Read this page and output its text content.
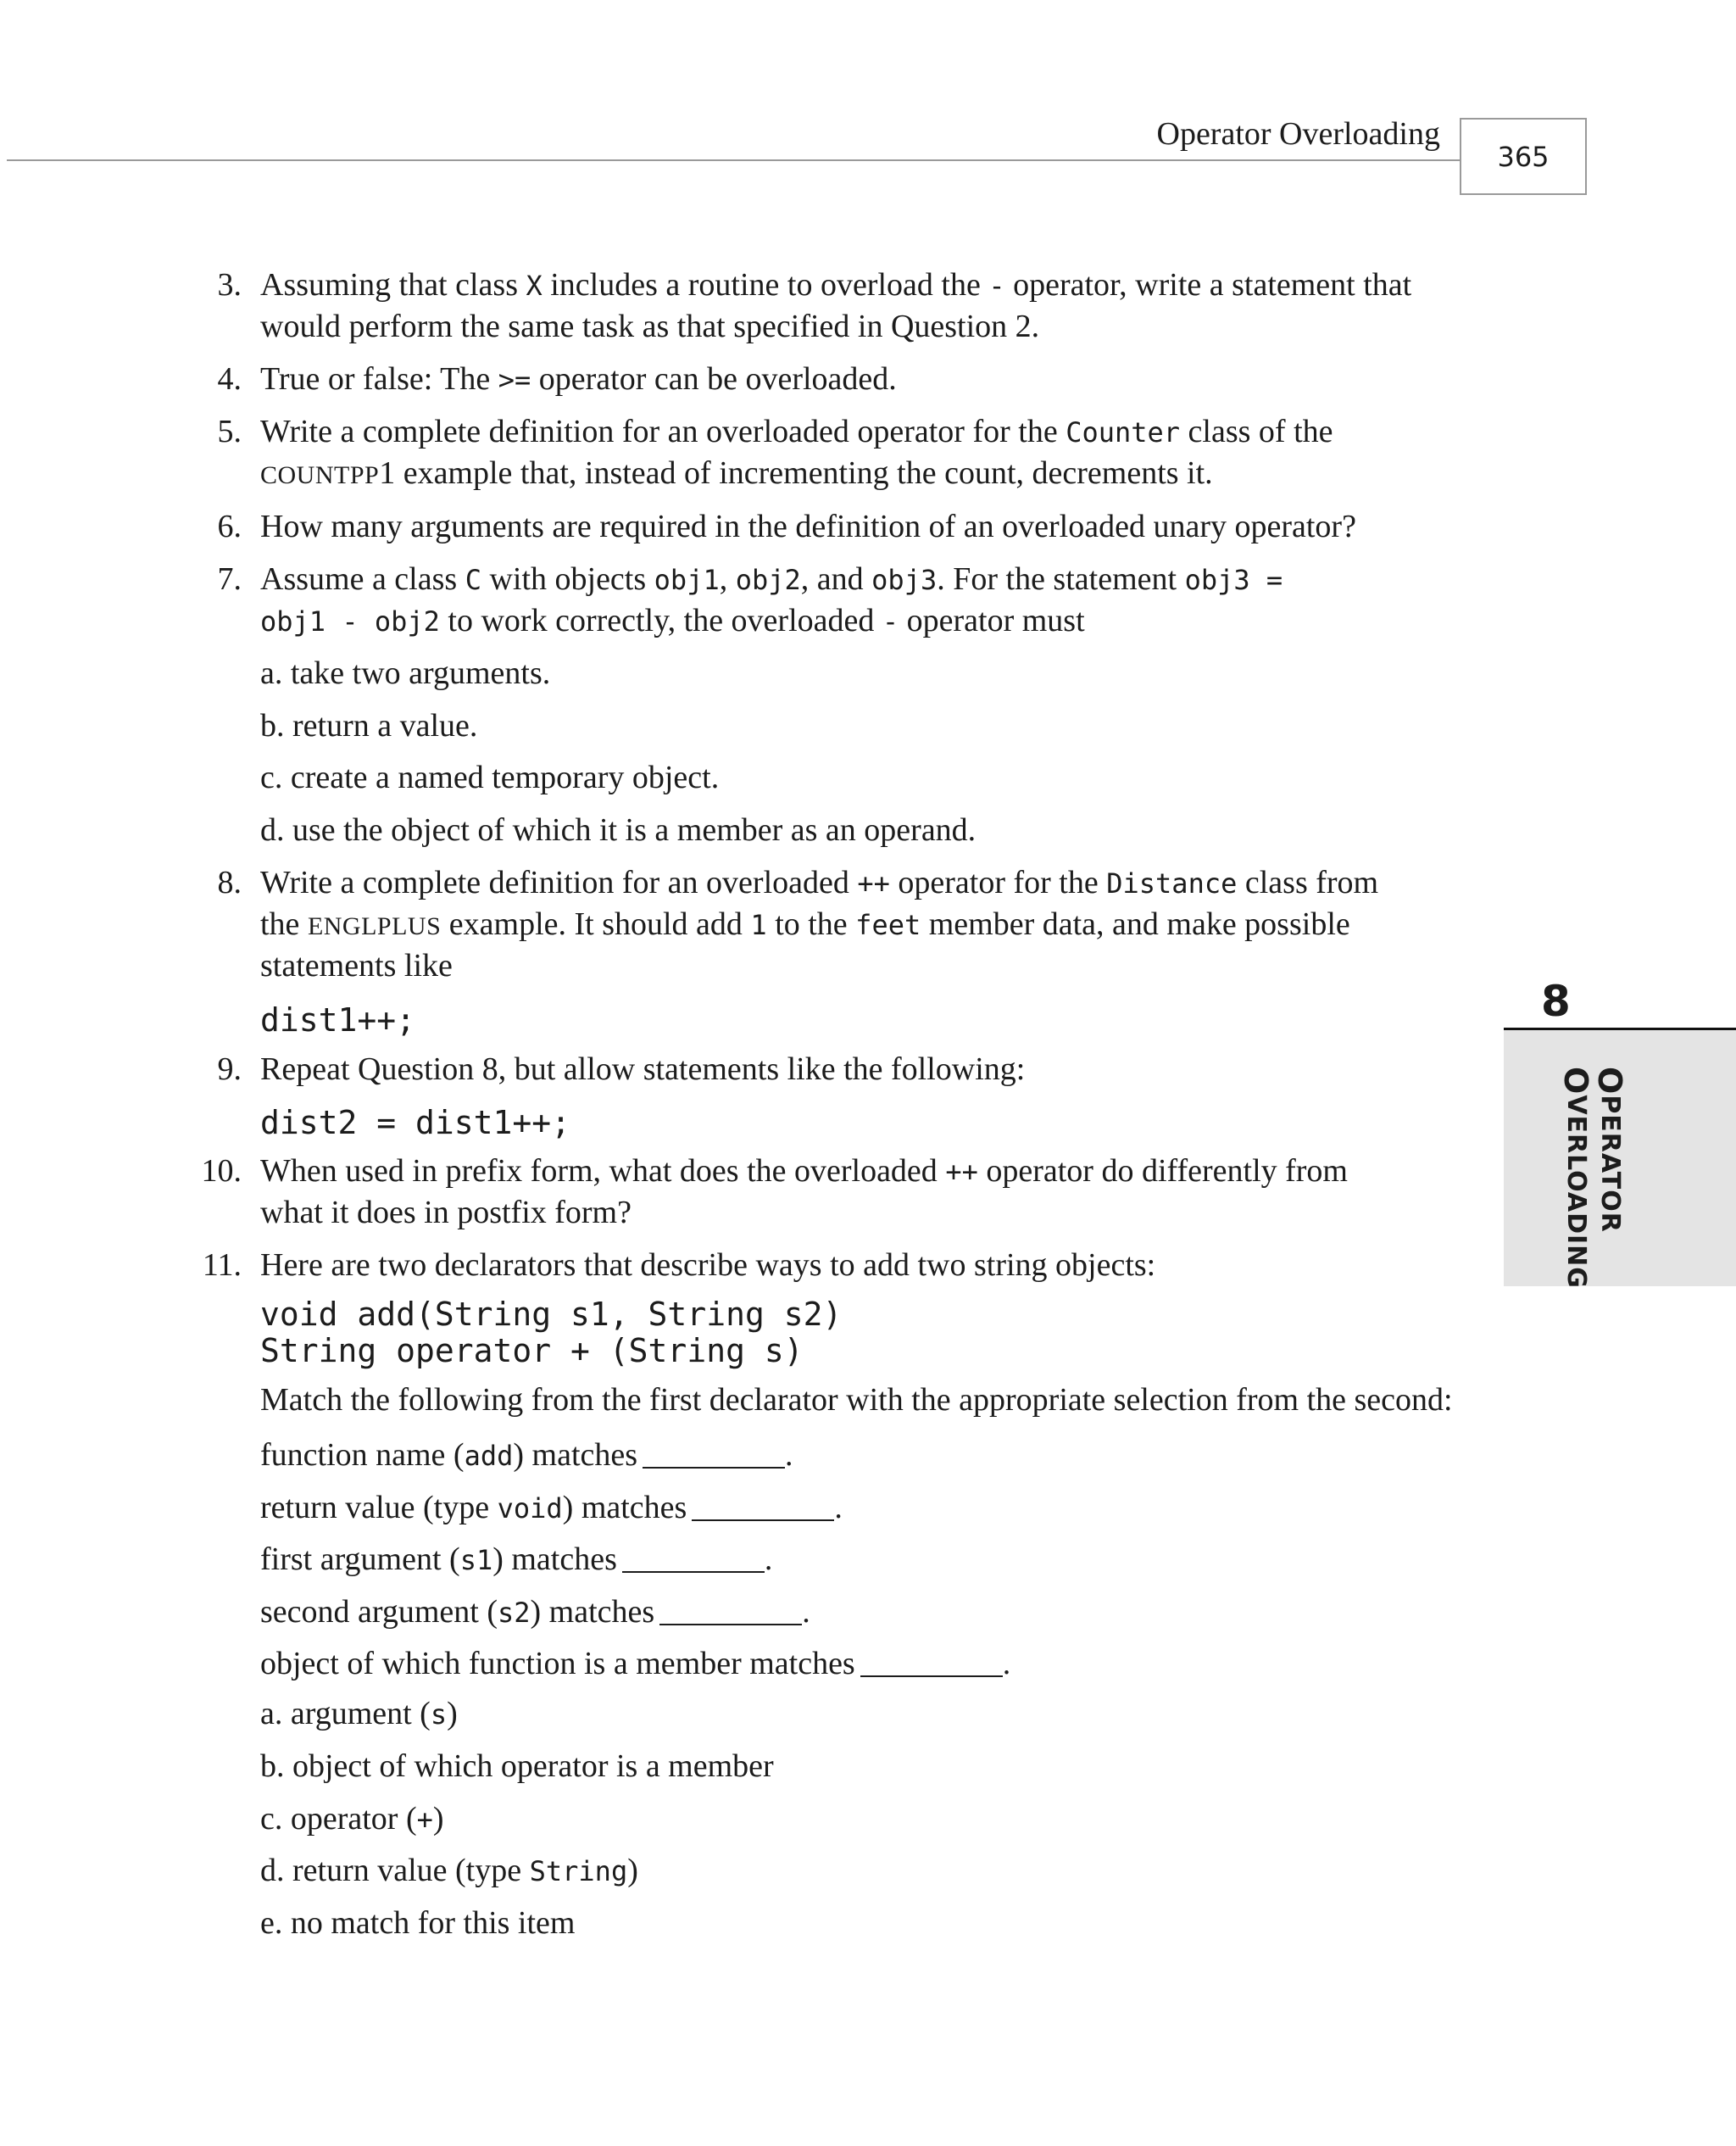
Operator Overloading
365
8
OPERATOR
OVERLOADING
3. Assuming that class X includes a routine to overload the - operator, write a statement that
would perform the same task as that specified in Question 2.
4. True or false: The >= operator can be overloaded.
5. Write a complete definition for an overloaded operator for the Counter class of the
COUNTPP1 example that, instead of incrementing the count, decrements it.
6. How many arguments are required in the definition of an overloaded unary operator?
7. Assume a class C with objects obj1, obj2, and obj3. For the statement obj3 =
obj1 - obj2 to work correctly, the overloaded - operator must
a. take two arguments.
b. return a value.
c. create a named temporary object.
d. use the object of which it is a member as an operand.
8. Write a complete definition for an overloaded ++ operator for the Distance class from
the ENGLPLUS example. It should add 1 to the feet member data, and make possible
statements like
dist1++;
9. Repeat Question 8, but allow statements like the following:
dist2 = dist1++;
10. When used in prefix form, what does the overloaded ++ operator do differently from
what it does in postfix form?
11. Here are two declarators that describe ways to add two string objects:
void add(String s1, String s2)
String operator + (String s)
Match the following from the first declarator with the appropriate selection from the second:
function name (add) matches	.
return value (type void) matches	.
first argument (s1) matches	.
second argument (s2) matches	.
object of which function is a member matches	.
a. argument (s)
b. object of which operator is a member
c. operator (+)
d. return value (type String)
e. no match for this item
